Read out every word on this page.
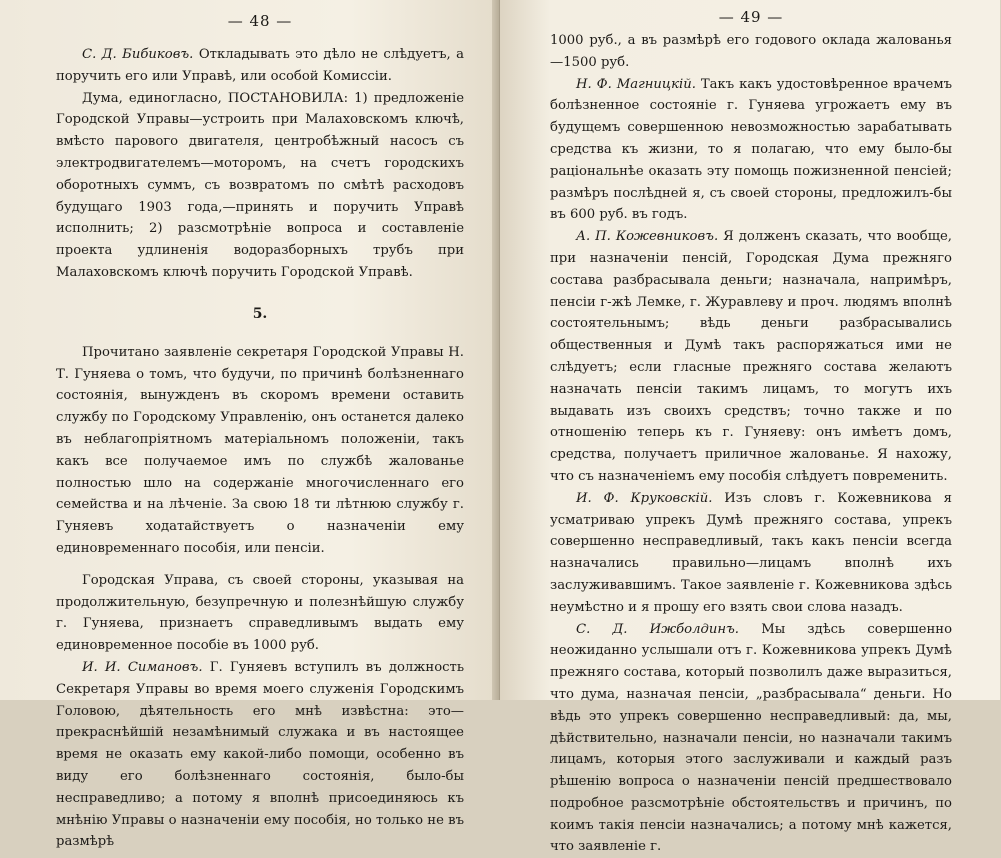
— 48 —

С. Д. Бибиковъ. Откладывать это дѣло не слѣдуетъ, а поручить его или Управѣ, или особой Комиссіи.

Дума, единогласно, ПОСТАНОВИЛА: 1) предложеніе Городской Управы—устроить при Малаховскомъ ключѣ, вмѣсто парового двигателя, центробѣжный насосъ съ электродвигателемъ—моторомъ, на счетъ городскихъ оборотныхъ суммъ, съ возвратомъ по смѣтѣ расходовъ будущаго 1903 года,—принять и поручить Управѣ исполнить; 2) разсмотрѣніе вопроса и составленіе проекта удлиненія водоразборныхъ трубъ при Малаховскомъ ключѣ поручить Городской Управѣ.

5.

Прочитано заявленіе секретаря Городской Управы Н. Т. Гуняева о томъ, что будучи, по причинѣ болѣзненнаго состоянія, вынужденъ въ скоромъ времени оставить службу по Городскому Управленію, онъ останется далеко въ неблагопріятномъ матеріальномъ положеніи, такъ какъ все получаемое имъ по службѣ жалованье полностью шло на содержаніе многочисленнаго его семейства и на лѣченіе. За свою 18 ти лѣтнюю службу г. Гуняевъ ходатайствуетъ о назначеніи ему единовременнаго пособія, или пенсіи.

Городская Управа, съ своей стороны, указывая на продолжительную, безупречную и полезнѣйшую службу г. Гуняева, признаетъ справедливымъ выдать ему единовременное пособіе въ 1000 руб.

И. И. Симановъ. Г. Гуняевъ вступилъ въ должность Секретаря Управы во время моего служенія Городскимъ Головою, дѣятельность его мнѣ извѣстна: это—прекраснѣйшій незамѣнимый служака и въ настоящее время не оказать ему какой-либо помощи, особенно въ виду его болѣзненнаго состоянія, было-бы несправедливо; а потому я вполнѣ присоединяюсь къ мнѣнію Управы о назначеніи ему пособія, но только не въ размѣрѣ

— 49 —

1000 руб., а въ размѣрѣ его годового оклада жалованья—1500 руб.

Н. Ф. Магницкій. Такъ какъ удостовѣренное врачемъ болѣзненное состояніе г. Гуняева угрожаетъ ему въ будущемъ совершенною невозможностью зарабатывать средства къ жизни, то я полагаю, что ему было-бы раціональнѣе оказать эту помощь пожизненной пенсіей; размѣръ послѣдней я, съ своей стороны, предложилъ-бы въ 600 руб. въ годъ.

А. П. Кожевниковъ. Я долженъ сказать, что вообще, при назначеніи пенсій, Городская Дума прежняго состава разбрасывала деньги; назначала, напримѣръ, пенсіи г-жѣ Лемке, г. Журавлеву и проч. людямъ вполнѣ состоятельнымъ; вѣдь деньги разбрасывались общественныя и Думѣ такъ распоряжаться ими не слѣдуетъ; если гласные прежняго состава желаютъ назначать пенсіи такимъ лицамъ, то могутъ ихъ выдавать изъ своихъ средствъ; точно также и по отношенію теперь къ г. Гуняеву: онъ имѣетъ домъ, средства, получаетъ приличное жалованье. Я нахожу, что съ назначеніемъ ему пособія слѣдуетъ повременить.

И. Ф. Круковскій. Изъ словъ г. Кожевникова я усматриваю упрекъ Думѣ прежняго состава, упрекъ совершенно несправедливый, такъ какъ пенсіи всегда назначались правильно—лицамъ вполнѣ ихъ заслуживавшимъ. Такое заявленіе г. Кожевникова здѣсь неумѣстно и я прошу его взять свои слова назадъ.

С. Д. Ижболдинъ. Мы здѣсь совершенно неожиданно услышали отъ г. Кожевникова упрекъ Думѣ прежняго состава, который позволилъ даже выразиться, что дума, назначая пенсіи, „разбрасывала“ деньги. Но вѣдь это упрекъ совершенно несправедливый: да, мы, дѣйствительно, назначали пенсіи, но назначали такимъ лицамъ, которыя этого заслуживали и каждый разъ рѣшенію вопроса о назначеніи пенсій предшествовало подробное разсмотрѣніе обстоятельствъ и причинъ, по коимъ такія пенсіи назначались; а потому мнѣ кажется, что заявленіе г.
